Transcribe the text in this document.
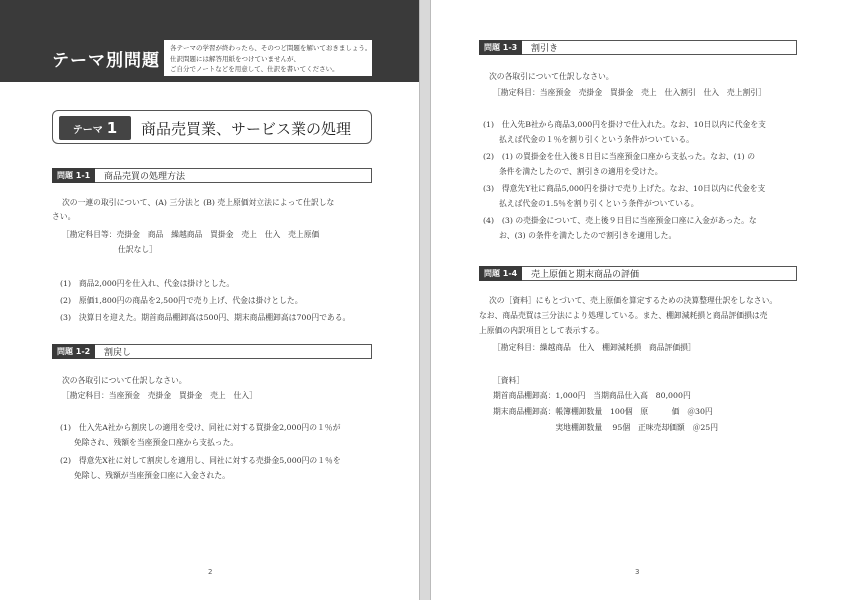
テーマ別問題
各テーマの学習が終わったら、そのつど問題を解いておきましょう。
仕訳問題には解答用紙をつけていませんが、
ご自分でノートなどを用意して、仕訳を書いてください。
テーマ 1	商品売買業、サービス業の処理
問題 1-1	商品売買の処理方法
次の一連の取引について、(A) 三分法と (B) 売上原価対立法によって仕訳しな
さい。
［勘定科目等：売掛金　商品　繰越商品　買掛金　売上　仕入　売上原価
仕訳なし］
(1)　商品2,000円を仕入れ、代金は掛けとした。
(2)　原価1,800円の商品を2,500円で売り上げ、代金は掛けとした。
(3)　決算日を迎えた。期首商品棚卸高は500円、期末商品棚卸高は700円である。
問題 1-2	割戻し
次の各取引について仕訳しなさい。
［勘定科目：当座預金　売掛金　買掛金　売上　仕入］
(1)　仕入先A社から割戻しの適用を受け、同社に対する買掛金2,000円の１％が
免除され、残額を当座預金口座から支払った。
(2)　得意先X社に対して割戻しを適用し、同社に対する売掛金5,000円の１％を
免除し、残額が当座預金口座に入金された。
2
問題 1-3	割引き
次の各取引について仕訳しなさい。
［勘定科目：当座預金　売掛金　買掛金　売上　仕入割引　仕入　売上割引］
(1)　仕入先B社から商品3,000円を掛けで仕入れた。なお、10日以内に代金を支
払えば代金の１％を割り引くという条件がついている。
(2)　(1) の買掛金を仕入後８日目に当座預金口座から支払った。なお、(1) の
条件を満たしたので、割引きの適用を受けた。
(3)　得意先Y社に商品5,000円を掛けで売り上げた。なお、10日以内に代金を支
払えば代金の1.5％を割り引くという条件がついている。
(4)　(3) の売掛金について、売上後９日目に当座預金口座に入金があった。な
お、(3) の条件を満たしたので割引きを適用した。
問題 1-4	売上原価と期末商品の評価
次の［資料］にもとづいて、売上原価を算定するための決算整理仕訳をしなさい。
なお、商品売買は三分法により処理している。また、棚卸減耗損と商品評価損は売
上原価の内訳項目として表示する。
［勘定科目：繰越商品　仕入　棚卸減耗損　商品評価損］
［資料］
期首商品棚卸高：1,000円　当期商品仕入高　80,000円
期末商品棚卸高：帳簿棚卸数量　100個　原　　　価　＠30円
　　　　　　　　実地棚卸数量　 95個　正味売却価額　＠25円
3
